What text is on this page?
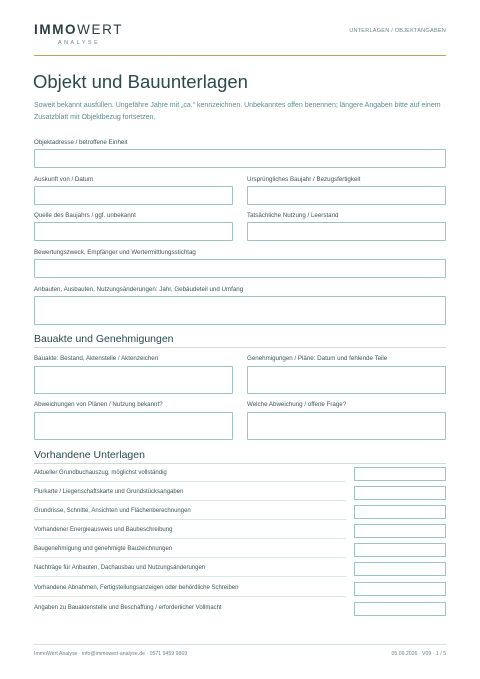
IMMOWERT
ANALYSE
UNTERLAGEN / OBJEKTANGABEN
Objekt und Bauunterlagen
Soweit bekannt ausfüllen. Ungefähre Jahre mit „ca.“ kennzeichnen. Unbekanntes offen benennen; längere Angaben bitte auf einem Zusatzblatt mit Objektbezug fortsetzen.
Objektadresse / betroffene Einheit
Auskunft von / Datum	Ursprüngliches Baujahr / Bezugsfertigkeit
Quelle des Baujahrs / ggf. unbekannt	Tatsächliche Nutzung / Leerstand
Bewertungszweck, Empfänger und Wertermittlungsstichtag
Anbauten, Ausbauten, Nutzungsänderungen: Jahr, Gebäudeteil und Umfang
Bauakte und Genehmigungen
Bauakte: Bestand, Aktenstelle / Aktenzeichen	Genehmigungen / Pläne: Datum und fehlende Teile
Abweichungen von Plänen / Nutzung bekannt?	Welche Abweichung / offene Frage?
Vorhandene Unterlagen
Aktueller Grundbuchauszug, möglichst vollständig
Flurkarte / Liegenschaftskarte und Grundstücksangaben
Grundrisse, Schnitte, Ansichten und Flächenberechnungen
Vorhandener Energieausweis und Baubeschreibung
Baugenehmigung und genehmigte Bauzeichnungen
Nachträge für Anbauten, Dachausbau und Nutzungsänderungen
Vorhandene Abnahmen, Fertigstellungsanzeigen oder behördliche Schreiben
Angaben zu Bauaktenstelle und Beschaffung / erforderlicher Vollmacht
ImmoWert Analyse · info@immowert-analyse.de · 0571 9459 9869	05.09.2026 · V09 · 1 / 5
